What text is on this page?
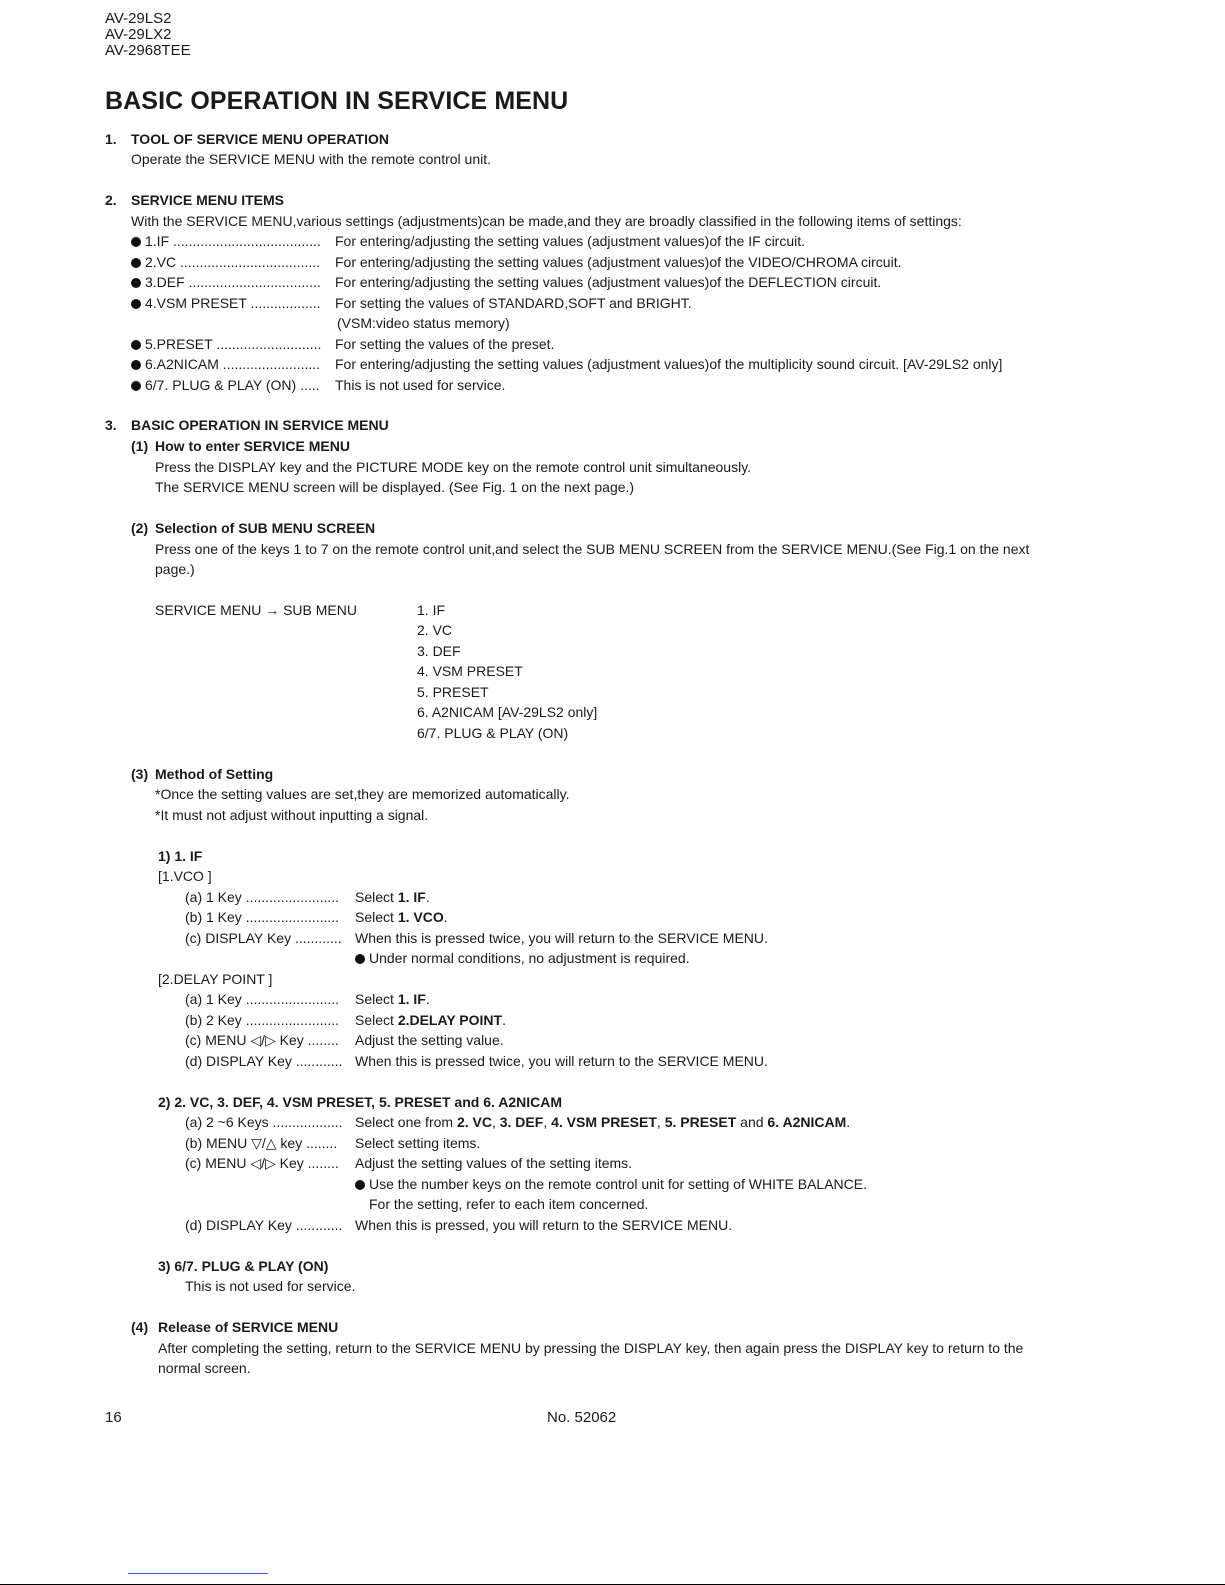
AV-29LS2
AV-29LX2
AV-2968TEE
BASIC OPERATION IN SERVICE MENU
1. TOOL OF SERVICE MENU OPERATION
Operate the SERVICE MENU with the remote control unit.
2. SERVICE MENU ITEMS
With the SERVICE MENU,various settings (adjustments)can be made,and they are broadly classified in the following items of settings:
1.IF ...................................... For entering/adjusting the setting values (adjustment values)of the IF circuit.
2.VC .................................... For entering/adjusting the setting values (adjustment values)of the VIDEO/CHROMA circuit.
3.DEF .................................. For entering/adjusting the setting values (adjustment values)of the DEFLECTION circuit.
4.VSM PRESET .................. For setting the values of STANDARD,SOFT and BRIGHT.
(VSM:video status memory)
5.PRESET ........................... For setting the values of the preset.
6.A2NICAM ......................... For entering/adjusting the setting values (adjustment values)of the multiplicity sound circuit. [AV-29LS2 only]
6/7. PLUG & PLAY (ON) ..... This is not used for service.
3. BASIC OPERATION IN SERVICE MENU
(1) How to enter SERVICE MENU
Press the DISPLAY key and the PICTURE MODE key on the remote control unit simultaneously.
The SERVICE MENU screen will be displayed. (See Fig. 1 on the next page.)
(2) Selection of SUB MENU SCREEN
Press one of the keys 1 to 7 on the remote control unit,and select the SUB MENU SCREEN from the SERVICE MENU.(See Fig.1 on the next
page.)
SERVICE MENU → SUB MENU	1. IF
2. VC
3. DEF
4. VSM PRESET
5. PRESET
6. A2NICAM [AV-29LS2 only]
6/7. PLUG & PLAY (ON)
(3) Method of Setting
*Once the setting values are set,they are memorized automatically.
*It must not adjust without inputting a signal.
1) 1. IF
[1.VCO ]
(a) 1 Key ........................ Select 1. IF.
(b) 1 Key ........................ Select 1. VCO.
(c) DISPLAY Key ............ When this is pressed twice, you will return to the SERVICE MENU.
Under normal conditions, no adjustment is required.
[2.DELAY POINT ]
(a) 1 Key ........................ Select 1. IF.
(b) 2 Key ........................ Select 2.DELAY POINT.
(c) MENU ◁/▷ Key ........ Adjust the setting value.
(d) DISPLAY Key ............ When this is pressed twice, you will return to the SERVICE MENU.
2) 2. VC, 3. DEF, 4. VSM PRESET, 5. PRESET and 6. A2NICAM
(a) 2 ~6 Keys .................. Select one from 2. VC, 3. DEF, 4. VSM PRESET, 5. PRESET and 6. A2NICAM.
(b) MENU ▽/△ key ........ Select setting items.
(c) MENU ◁/▷ Key ........ Adjust the setting values of the setting items.
Use the number keys on the remote control unit for setting of WHITE BALANCE.
For the setting, refer to each item concerned.
(d) DISPLAY Key ............ When this is pressed, you will return to the SERVICE MENU.
3) 6/7. PLUG & PLAY (ON)
This is not used for service.
(4) Release of SERVICE MENU
After completing the setting, return to the SERVICE MENU by pressing the DISPLAY key, then again press the DISPLAY key to return to the
normal screen.
16	No. 52062
